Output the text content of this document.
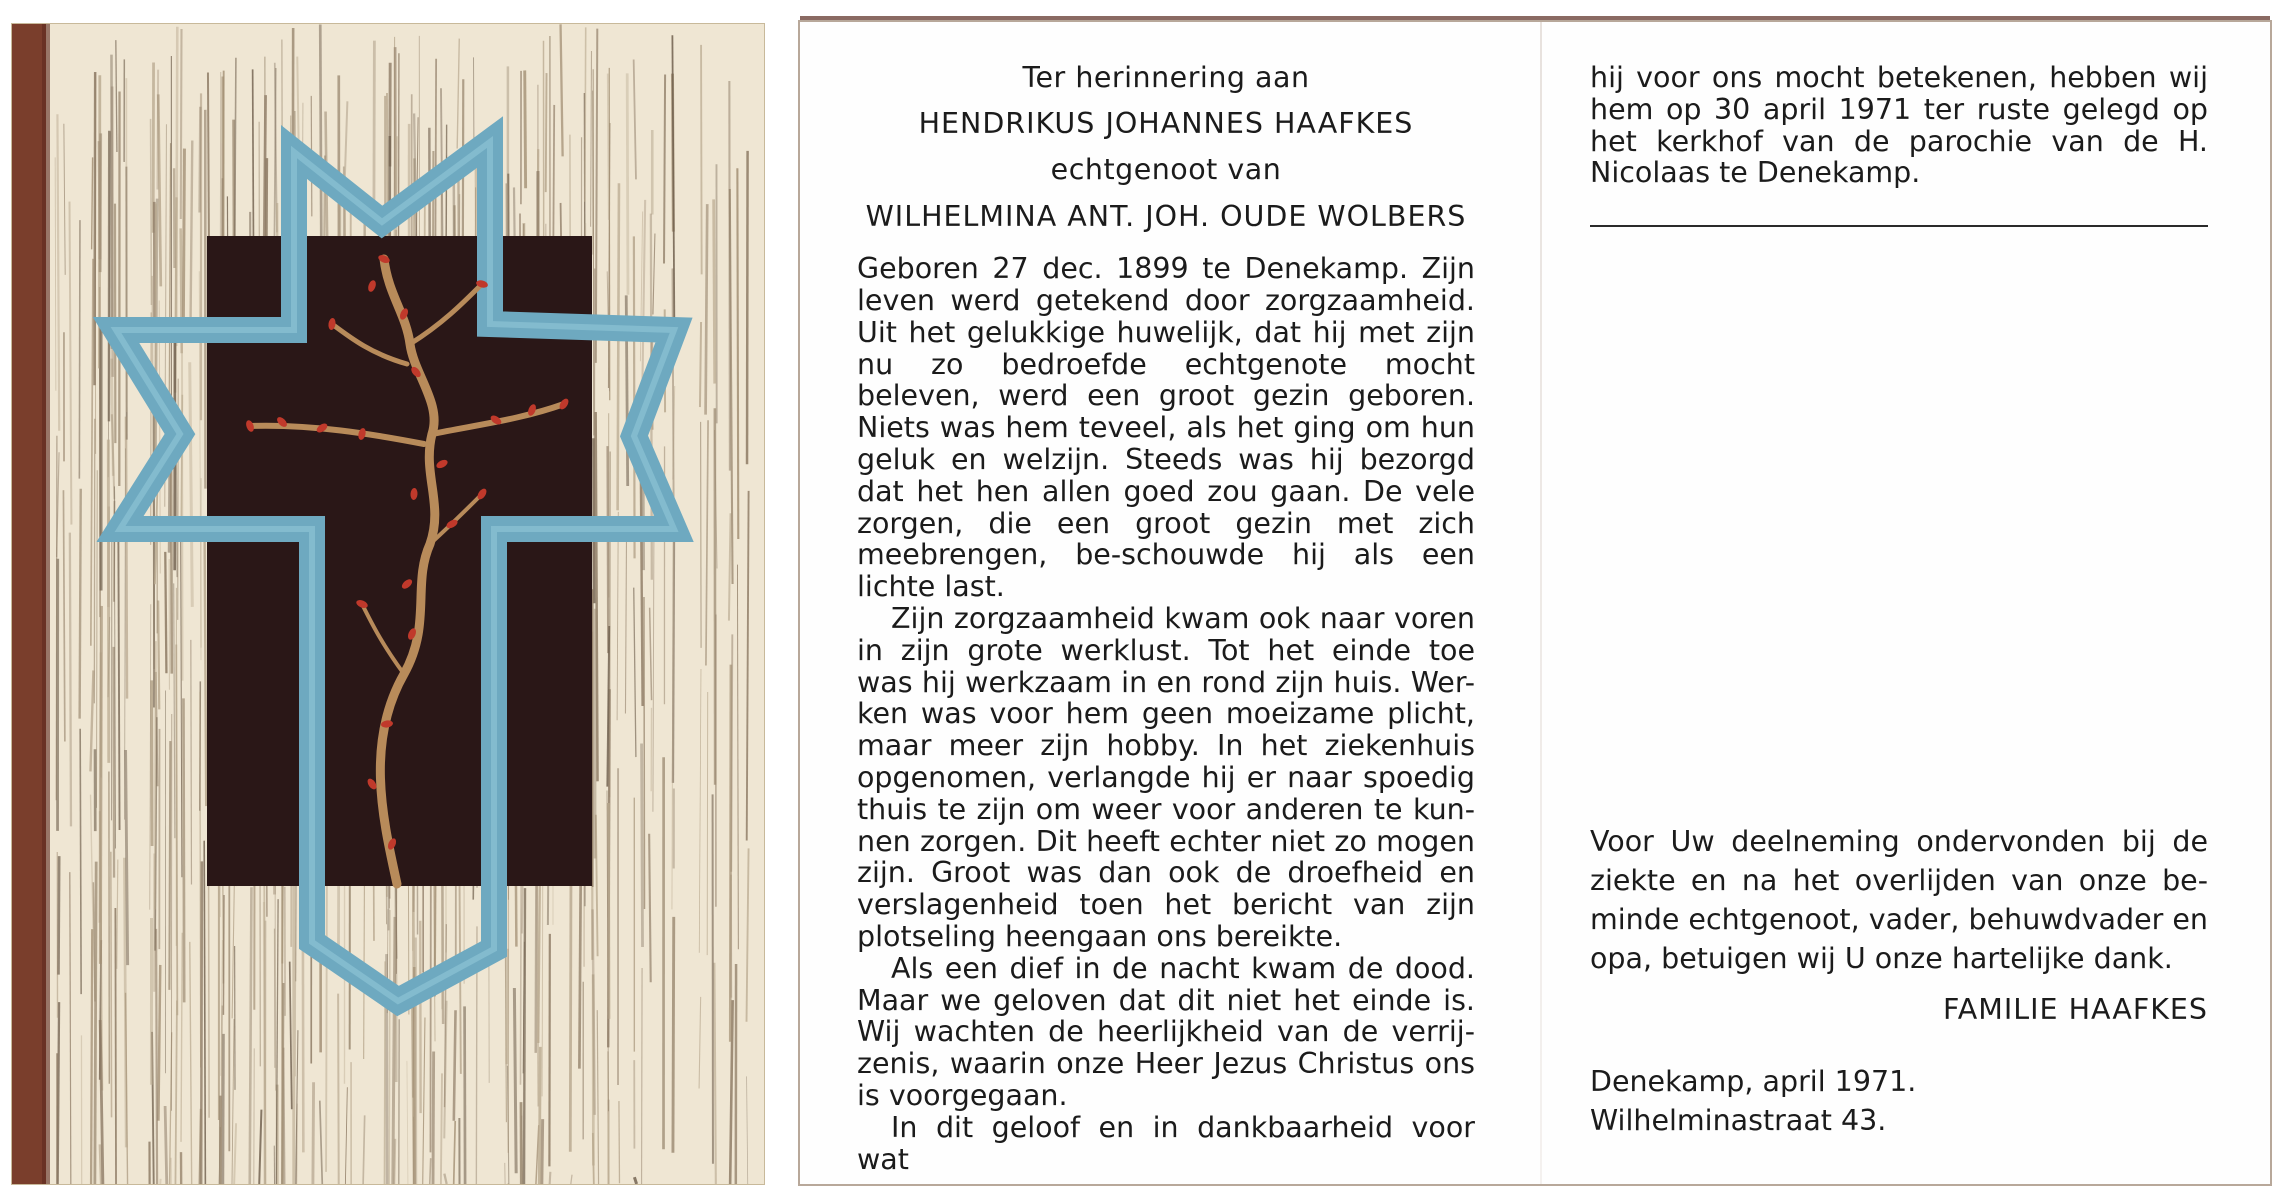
Ter herinnering aan
HENDRIKUS JOHANNES HAAFKES
echtgenoot van
WILHELMINA ANT. JOH. OUDE WOLBERS

Geboren 27 dec. 1899 te Denekamp. Zijn leven werd getekend door zorgzaamheid. Uit het gelukkige huwelijk, dat hij met zijn nu zo bedroefde echtgenote mocht beleven, werd een groot gezin geboren. Niets was hem teveel, als het ging om hun geluk en welzijn. Steeds was hij bezorgd dat het hen allen goed zou gaan. De vele zorgen, die een groot gezin met zich meebrengen, be-schouwde hij als een lichte last.

Zijn zorgzaamheid kwam ook naar voren in zijn grote werklust. Tot het einde toe was hij werkzaam in en rond zijn huis. Wer-ken was voor hem geen moeizame plicht, maar meer zijn hobby. In het ziekenhuis opgenomen, verlangde hij er naar spoedig thuis te zijn om weer voor anderen te kun-nen zorgen. Dit heeft echter niet zo mogen zijn. Groot was dan ook de droefheid en verslagenheid toen het bericht van zijn plotseling heengaan ons bereikte.

Als een dief in de nacht kwam de dood. Maar we geloven dat dit niet het einde is. Wij wachten de heerlijkheid van de verrij-zenis, waarin onze Heer Jezus Christus ons is voorgegaan.

In dit geloof en in dankbaarheid voor wat

hij voor ons mocht betekenen, hebben wij hem op 30 april 1971 ter ruste gelegd op het kerkhof van de parochie van de H. Nicolaas te Denekamp.

Voor Uw deelneming ondervonden bij de ziekte en na het overlijden van onze be-minde echtgenoot, vader, behuwdvader en opa, betuigen wij U onze hartelijke dank.
FAMILIE HAAFKES
Denekamp, april 1971.
Wilhelminastraat 43.
